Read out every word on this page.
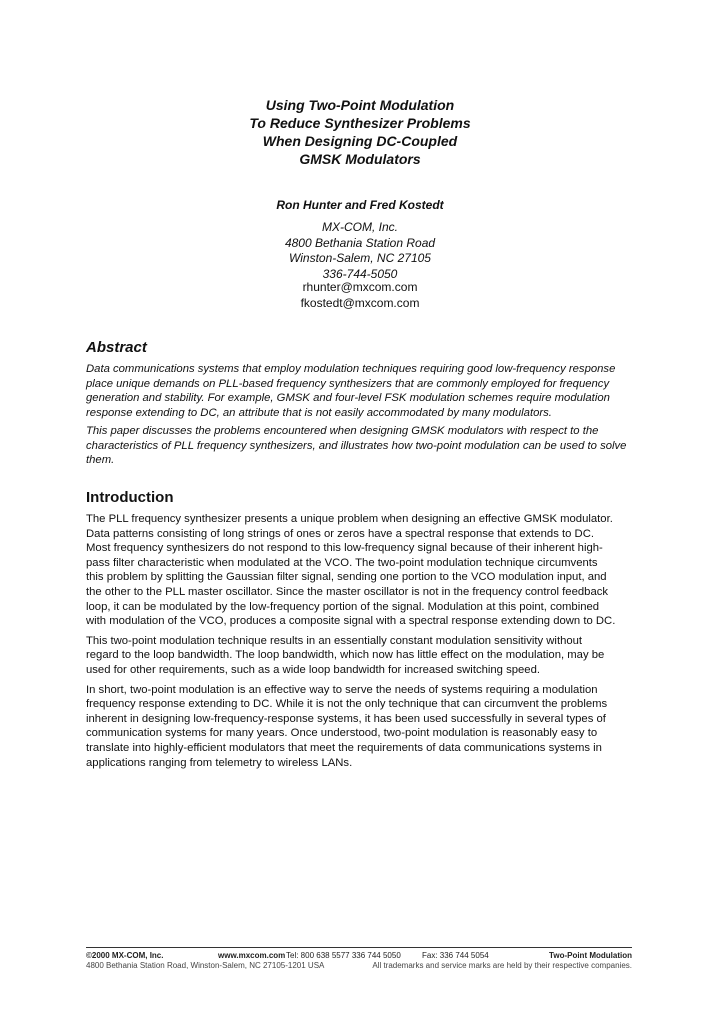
Using Two-Point Modulation
To Reduce Synthesizer Problems
When Designing DC-Coupled
GMSK Modulators
Ron Hunter and Fred Kostedt
MX-COM, Inc.
4800 Bethania Station Road
Winston-Salem, NC 27105
336-744-5050
rhunter@mxcom.com
fkostedt@mxcom.com
Abstract

Data communications systems that employ modulation techniques requiring good low-frequency response place unique demands on PLL-based frequency synthesizers that are commonly employed for frequency generation and stability. For example, GMSK and four-level FSK modulation schemes require modulation response extending to DC, an attribute that is not easily accommodated by many modulators.

This paper discusses the problems encountered when designing GMSK modulators with respect to the characteristics of PLL frequency synthesizers, and illustrates how two-point modulation can be used to solve them.

Introduction

The PLL frequency synthesizer presents a unique problem when designing an effective GMSK modulator. Data patterns consisting of long strings of ones or zeros have a spectral response that extends to DC. Most frequency synthesizers do not respond to this low-frequency signal because of their inherent high-pass filter characteristic when modulated at the VCO. The two-point modulation technique circumvents this problem by splitting the Gaussian filter signal, sending one portion to the VCO modulation input, and the other to the PLL master oscillator. Since the master oscillator is not in the frequency control feedback loop, it can be modulated by the low-frequency portion of the signal. Modulation at this point, combined with modulation of the VCO, produces a composite signal with a spectral response extending down to DC.

This two-point modulation technique results in an essentially constant modulation sensitivity without regard to the loop bandwidth. The loop bandwidth, which now has little effect on the modulation, may be used for other requirements, such as a wide loop bandwidth for increased switching speed.

In short, two-point modulation is an effective way to serve the needs of systems requiring a modulation frequency response extending to DC. While it is not the only technique that can circumvent the problems inherent in designing low-frequency-response systems, it has been used successfully in several types of communication systems for many years. Once understood, two-point modulation is reasonably easy to translate into highly-efficient modulators that meet the requirements of data communications systems in applications ranging from telemetry to wireless LANs.

©2000 MX-COM, Inc.	www.mxcom.com Tel: 800 638 5577 336 744 5050	Fax: 336 744 5054	Two-Point Modulation
4800 Bethania Station Road, Winston-Salem, NC 27105-1201 USA	All trademarks and service marks are held by their respective companies.
